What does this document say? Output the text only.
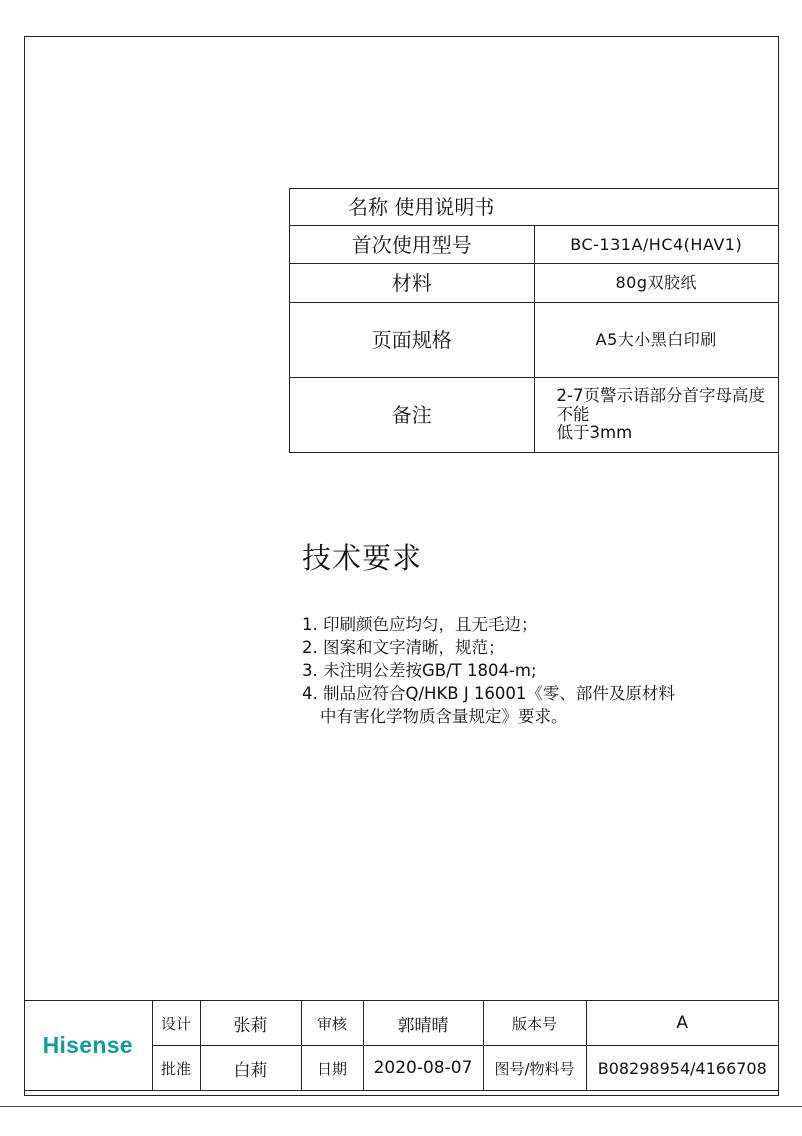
名称 使用说明书	
首次使用型号	BC-131A/HC4(HAV1)
材料	80g双胶纸
页面规格	A5大小黑白印刷
备注	2-7页警示语部分首字母高度不能
低于3mm
技术要求
1. 印刷颜色应均匀，且无毛边；
2. 图案和文字清晰，规范；
3. 未注明公差按GB/T 1804-m;
4. 制品应符合Q/HKB J 16001《零、部件及原材料
中有害化学物质含量规定》要求。
Hisense	设计	张莉	审核	郭晴晴	版本号	A
	批准	白莉	日期	2020-08-07	图号/物料号	B08298954/4166708
